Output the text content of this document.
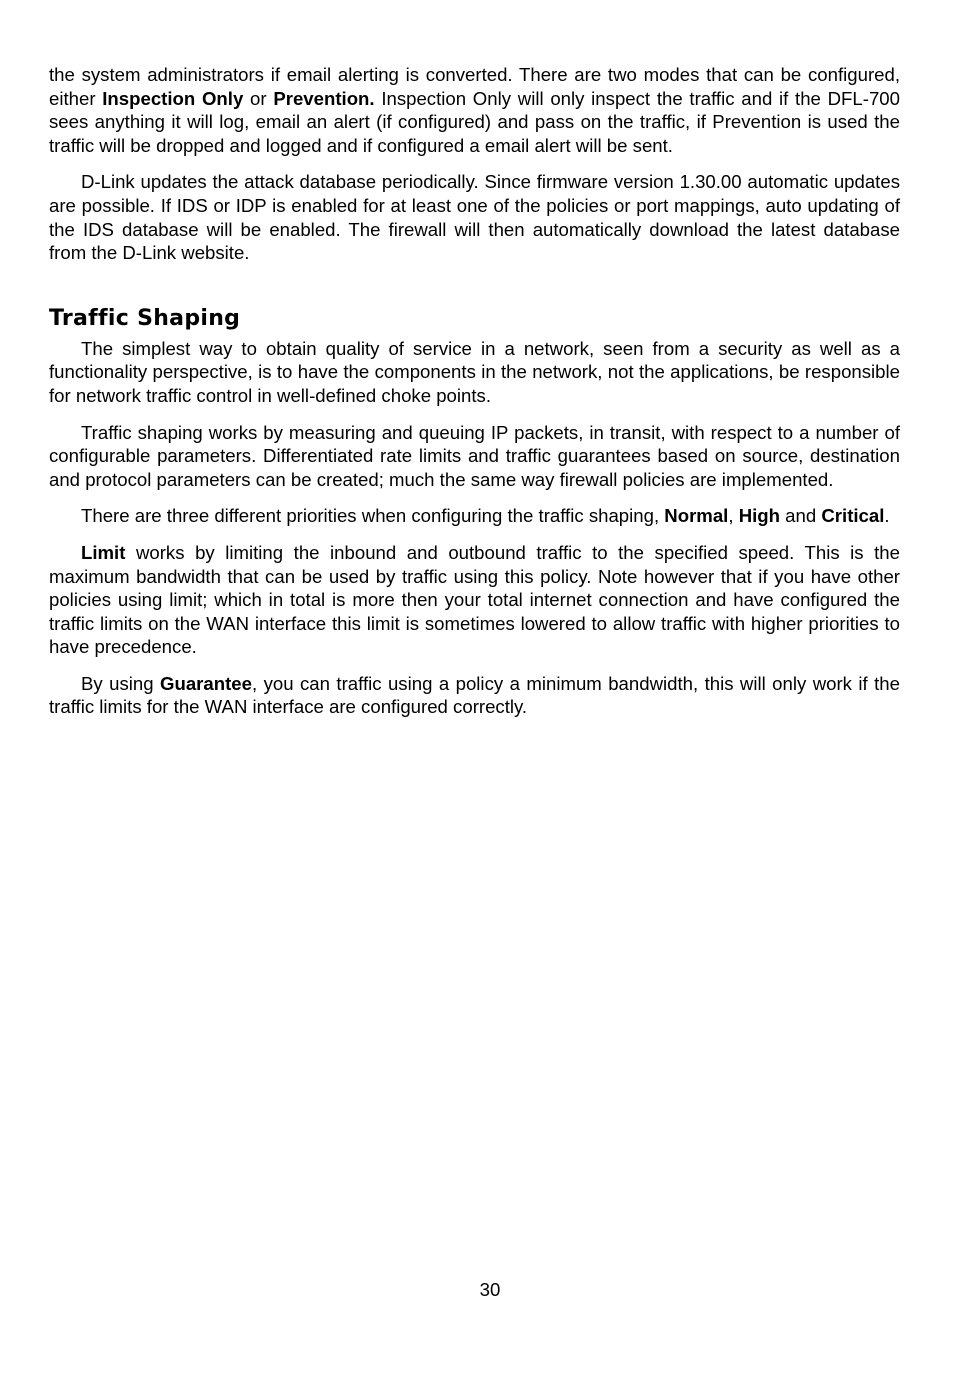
the system administrators if email alerting is converted. There are two modes that can be configured, either Inspection Only or Prevention. Inspection Only will only inspect the traffic and if the DFL-700 sees anything it will log, email an alert (if configured) and pass on the traffic, if Prevention is used the traffic will be dropped and logged and if configured a email alert will be sent.

D-Link updates the attack database periodically. Since firmware version 1.30.00 automatic updates are possible. If IDS or IDP is enabled for at least one of the policies or port mappings, auto updating of the IDS database will be enabled. The firewall will then automatically download the latest database from the D-Link website.

Traffic Shaping

The simplest way to obtain quality of service in a network, seen from a security as well as a functionality perspective, is to have the components in the network, not the applications, be responsible for network traffic control in well-defined choke points.

Traffic shaping works by measuring and queuing IP packets, in transit, with respect to a number of configurable parameters. Differentiated rate limits and traffic guarantees based on source, destination and protocol parameters can be created; much the same way firewall policies are implemented.

There are three different priorities when configuring the traffic shaping, Normal, High and Critical.

Limit works by limiting the inbound and outbound traffic to the specified speed. This is the maximum bandwidth that can be used by traffic using this policy. Note however that if you have other policies using limit; which in total is more then your total internet connection and have configured the traffic limits on the WAN interface this limit is sometimes lowered to allow traffic with higher priorities to have precedence.

By using Guarantee, you can traffic using a policy a minimum bandwidth, this will only work if the traffic limits for the WAN interface are configured correctly.

30
